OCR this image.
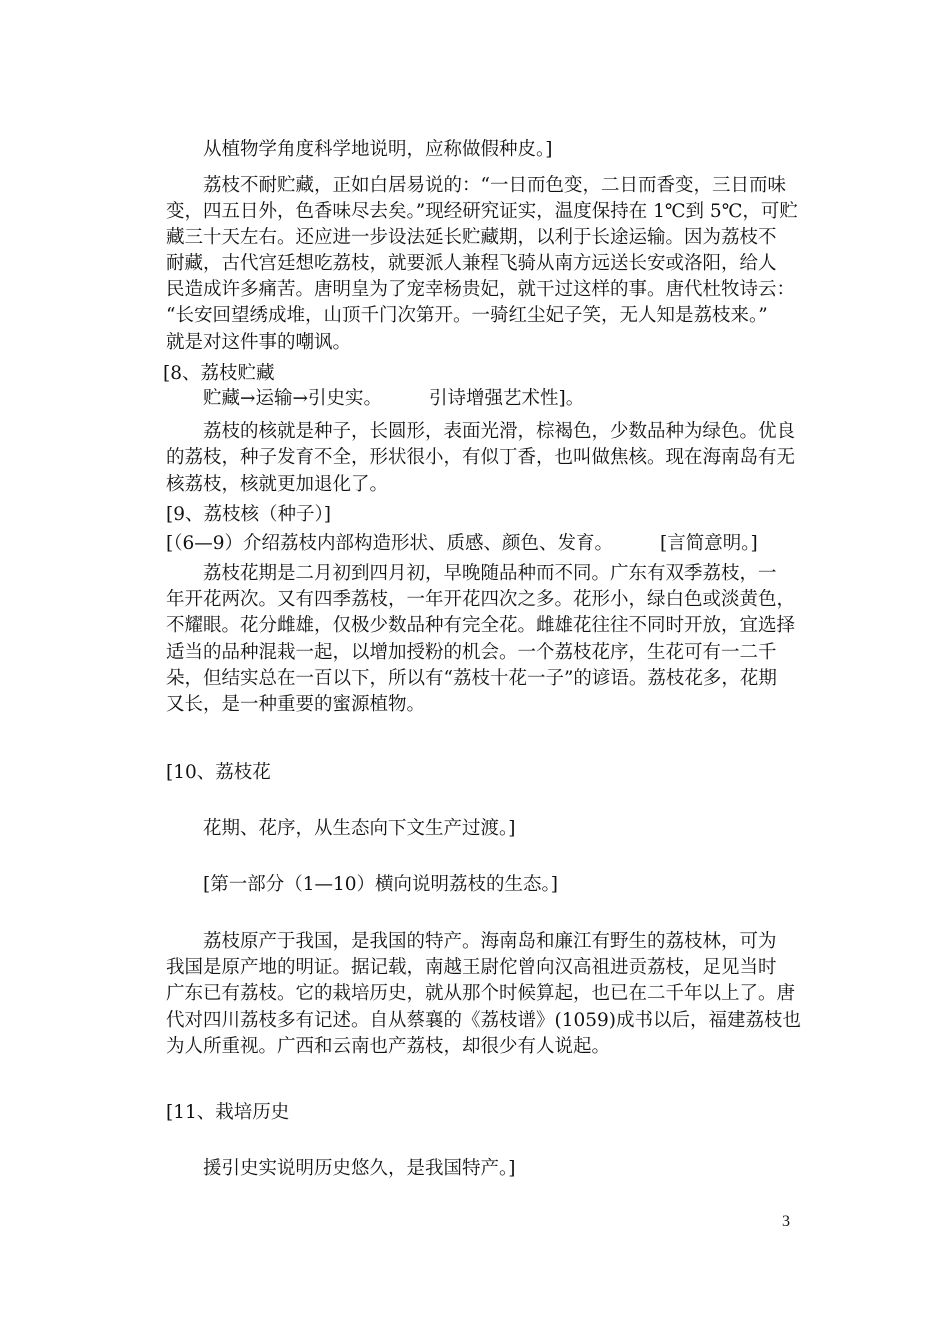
从植物学角度科学地说明，应称做假种皮。]
荔枝不耐贮藏，正如白居易说的：“一日而色变，二日而香变，三日而味
变，四五日外，色香味尽去矣。”现经研究证实，温度保持在 1℃到 5℃，可贮
藏三十天左右。还应进一步设法延长贮藏期，以利于长途运输。因为荔枝不
耐藏，古代宫廷想吃荔枝，就要派人兼程飞骑从南方远送长安或洛阳，给人
民造成许多痛苦。唐明皇为了宠幸杨贵妃，就干过这样的事。唐代杜牧诗云：
“长安回望绣成堆，山顶千门次第开。一骑红尘妃子笑，无人知是荔枝来。”
就是对这件事的嘲讽。
[8、荔枝贮藏
贮藏→运输→引史实。        引诗增强艺术性]。
荔枝的核就是种子，长圆形，表面光滑，棕褐色，少数品种为绿色。优良
的荔枝，种子发育不全，形状很小，有似丁香，也叫做焦核。现在海南岛有无
核荔枝，核就更加退化了。
[9、荔枝核（种子）]
[（6—9）介绍荔枝内部构造形状、质感、颜色、发育。        [言简意明。]
荔枝花期是二月初到四月初，早晚随品种而不同。广东有双季荔枝，一
年开花两次。又有四季荔枝，一年开花四次之多。花形小，绿白色或淡黄色，
不耀眼。花分雌雄，仅极少数品种有完全花。雌雄花往往不同时开放，宜选择
适当的品种混栽一起，以增加授粉的机会。一个荔枝花序，生花可有一二千
朵，但结实总在一百以下，所以有“荔枝十花一子”的谚语。荔枝花多，花期
又长，是一种重要的蜜源植物。
[10、荔枝花
花期、花序，从生态向下文生产过渡。]
[第一部分（1—10）横向说明荔枝的生态。]
荔枝原产于我国，是我国的特产。海南岛和廉江有野生的荔枝林，可为
我国是原产地的明证。据记载，南越王尉佗曾向汉高祖进贡荔枝，足见当时
广东已有荔枝。它的栽培历史，就从那个时候算起，也已在二千年以上了。唐
代对四川荔枝多有记述。自从蔡襄的《荔枝谱》(1059)成书以后，福建荔枝也
为人所重视。广西和云南也产荔枝，却很少有人说起。
[11、栽培历史
援引史实说明历史悠久，是我国特产。]
3
